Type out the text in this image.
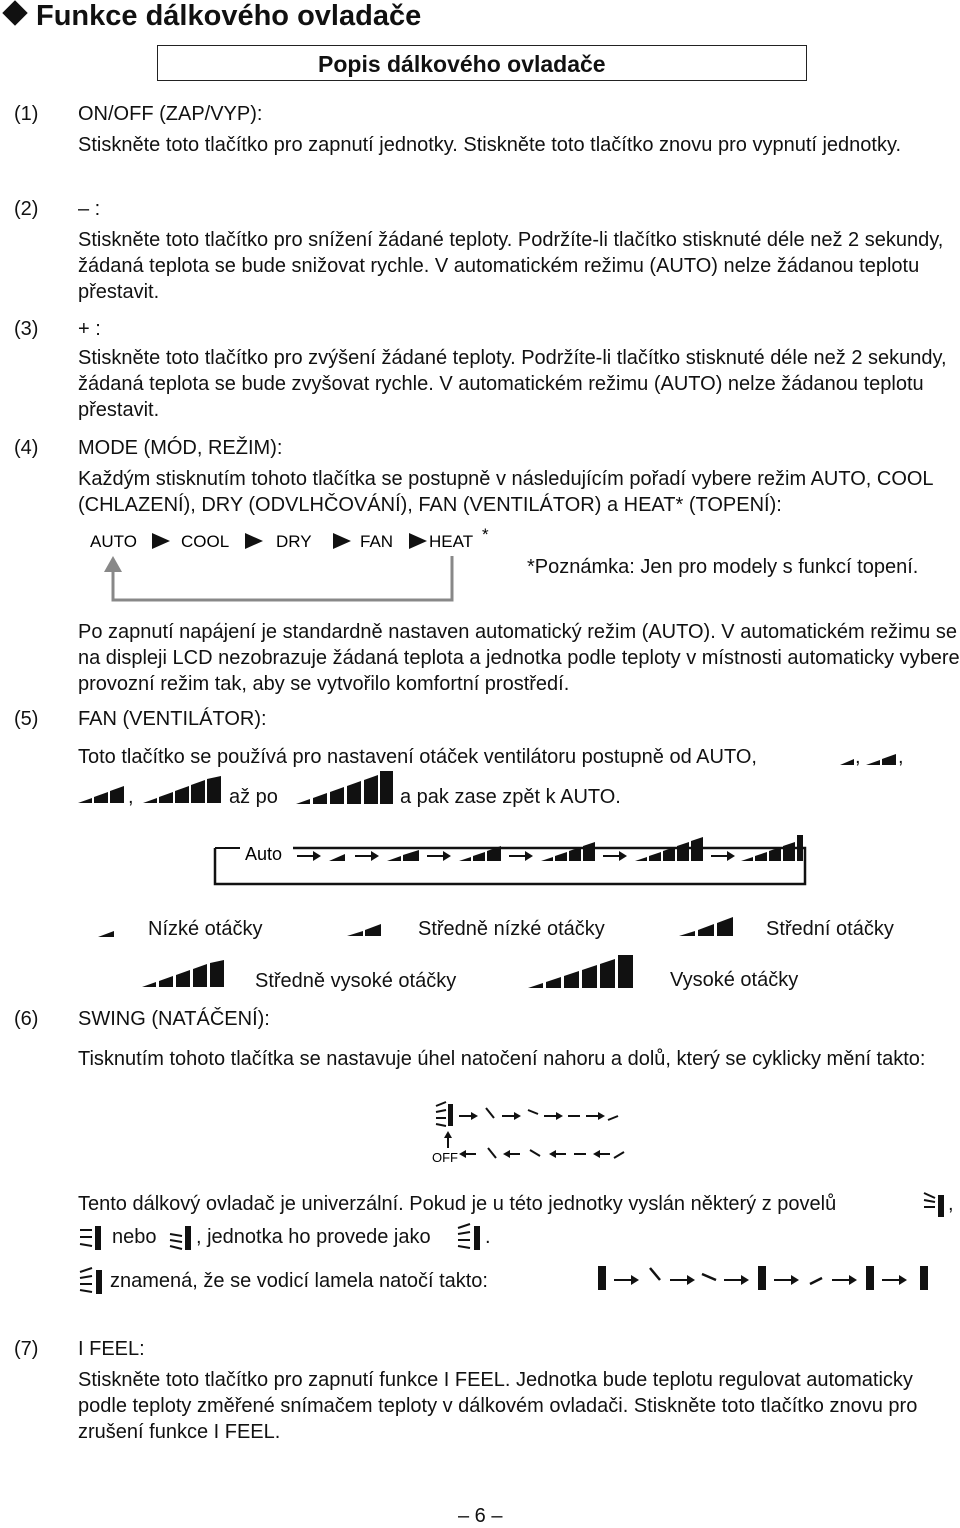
Funkce dálkového ovladače
Popis dálkového ovladače
(1) ON/OFF (ZAP/VYP):
Stiskněte toto tlačítko pro zapnutí jednotky. Stiskněte toto tlačítko znovu pro vypnutí jednotky.
(2) – :
Stiskněte toto tlačítko pro snížení žádané teploty. Podržíte-li tlačítko stisknuté déle než 2 sekundy, žádaná teplota se bude snižovat rychle. V automatickém režimu (AUTO) nelze žádanou teplotu přestavit.
(3) + :
Stiskněte toto tlačítko pro zvýšení žádané teploty. Podržíte-li tlačítko stisknuté déle než 2 sekundy, žádaná teplota se bude zvyšovat rychle. V automatickém režimu (AUTO) nelze žádanou teplotu přestavit.
(4) MODE (MÓD, REŽIM):
Každým stisknutím tohoto tlačítka se postupně v následujícím pořadí vybere režim AUTO, COOL (CHLAZENÍ), DRY (ODVLHČOVÁNÍ), FAN (VENTILÁTOR) a HEAT* (TOPENÍ):
AUTO	COOL	DRY	FAN HEAT *
*Poznámka: Jen pro modely s funkcí topení.
Po zapnutí napájení je standardně nastaven automatický režim (AUTO). V automatickém režimu se na displeji LCD nezobrazuje žádaná teplota a jednotka podle teploty v místnosti automaticky vybere provozní režim tak, aby se vytvořilo komfortní prostředí.
(5) FAN (VENTILÁTOR):
Toto tlačítko se používá pro nastavení otáček ventilátoru postupně od AUTO,	, ,
,	až po	a pak zase zpět k AUTO.
Auto
Nízké otáčky	Středně nízké otáčky	Střední otáčky
Středně vysoké otáčky	Vysoké otáčky
(6) SWING (NATÁČENÍ):
Tisknutím tohoto tlačítka se nastavuje úhel natočení nahoru a dolů, který se cyklicky mění takto:
OFF
Tento dálkový ovladač je univerzální. Pokud je u této jednotky vyslán některý z povelů	,
nebo , jednotka ho provede jako	.
znamená, že se vodicí lamela natočí takto:
(7) I FEEL:
Stiskněte toto tlačítko pro zapnutí funkce I FEEL. Jednotka bude teplotu regulovat automaticky podle teploty změřené snímačem teploty v dálkovém ovladači. Stiskněte toto tlačítko znovu pro zrušení funkce I FEEL.
– 6 –
